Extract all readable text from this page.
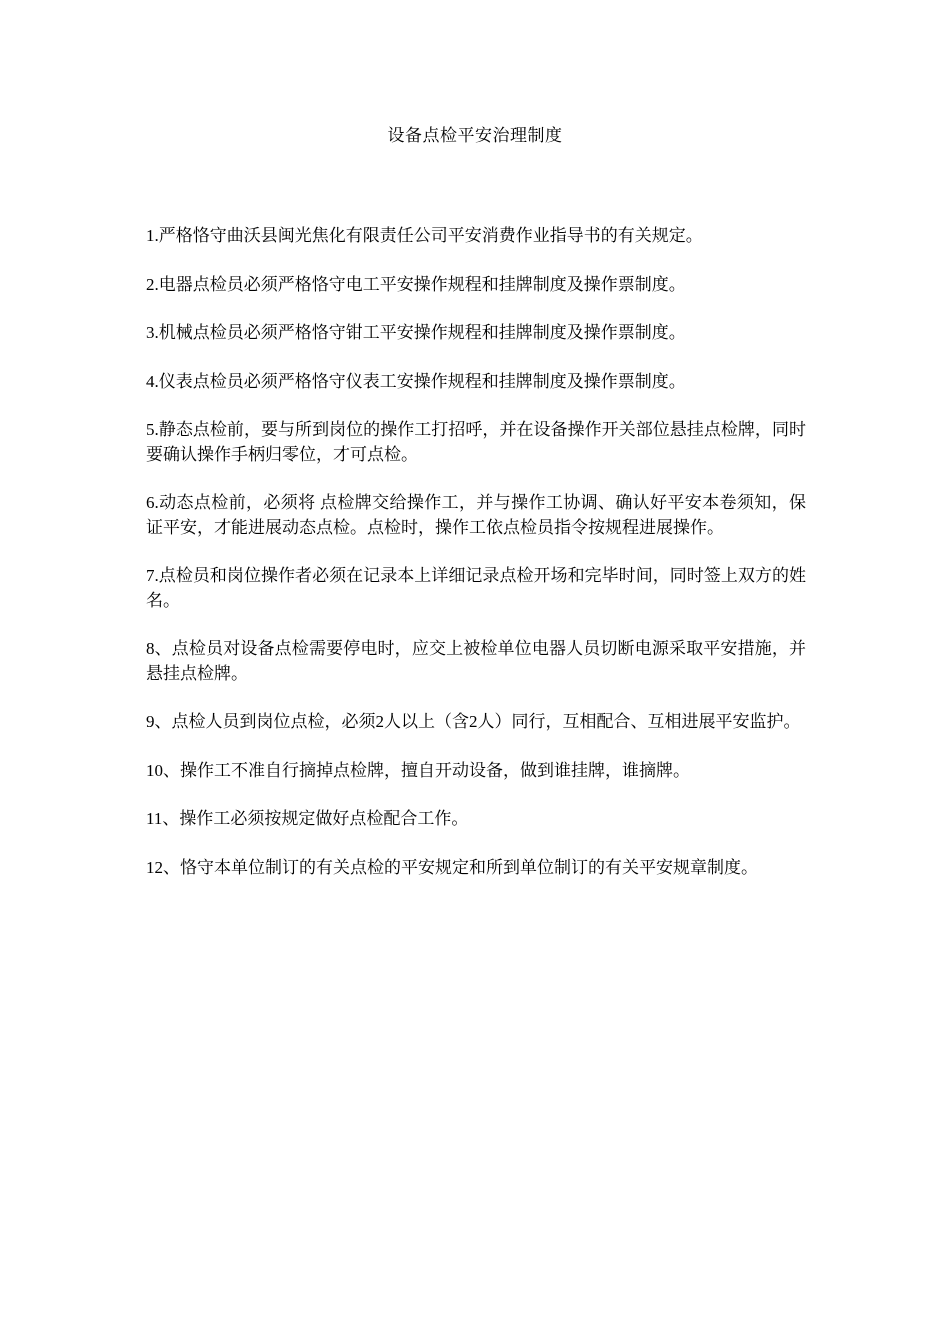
设备点检平安治理制度
1.严格恪守曲沃县闽光焦化有限责任公司平安消费作业指导书的有关规定。
2.电器点检员必须严格恪守电工平安操作规程和挂牌制度及操作票制度。
3.机械点检员必须严格恪守钳工平安操作规程和挂牌制度及操作票制度。
4.仪表点检员必须严格恪守仪表工安操作规程和挂牌制度及操作票制度。
5.静态点检前，要与所到岗位的操作工打招呼，并在设备操作开关部位悬挂点检牌，同时要确认操作手柄归零位，才可点检。
6.动态点检前，必须将 点检牌交给操作工，并与操作工协调、确认好平安本卷须知，保证平安，才能进展动态点检。点检时，操作工依点检员指令按规程进展操作。
7.点检员和岗位操作者必须在记录本上详细记录点检开场和完毕时间，同时签上双方的姓名。
8、点检员对设备点检需要停电时，应交上被检单位电器人员切断电源采取平安措施，并悬挂点检牌。
9、点检人员到岗位点检，必须2人以上（含2人）同行，互相配合、互相进展平安监护。
10、操作工不准自行摘掉点检牌，擅自开动设备，做到谁挂牌，谁摘牌。
11、操作工必须按规定做好点检配合工作。
12、恪守本单位制订的有关点检的平安规定和所到单位制订的有关平安规章制度。
